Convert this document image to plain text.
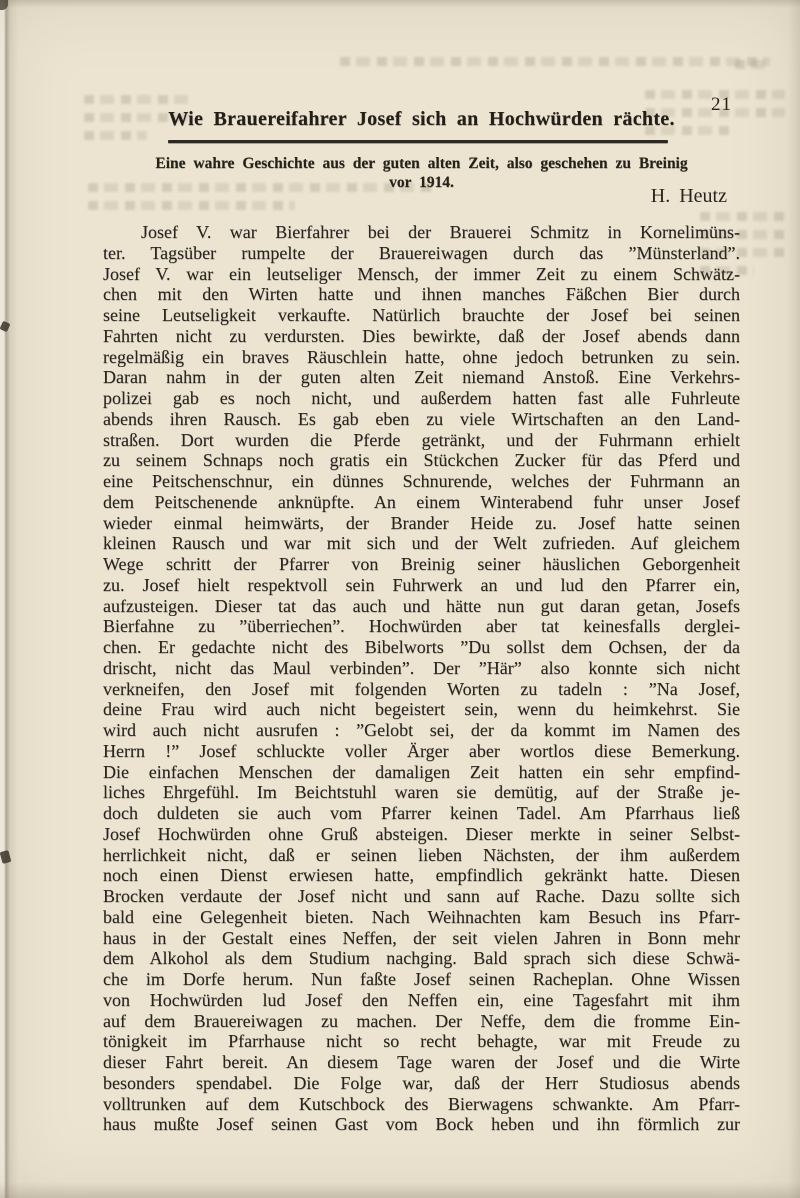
21
Wie Brauereifahrer Josef sich an Hochwürden rächte.
Eine wahre Geschichte aus der guten alten Zeit, also geschehen zu Breinig
vor 1914.
H. Heutz
Josef V. war Bierfahrer bei der Brauerei Schmitz in Kornelimüns-
ter. Tagsüber rumpelte der Brauereiwagen durch das ”Münsterland”.
Josef V. war ein leutseliger Mensch, der immer Zeit zu einem Schwätz-
chen mit den Wirten hatte und ihnen manches Fäßchen Bier durch
seine Leutseligkeit verkaufte. Natürlich brauchte der Josef bei seinen
Fahrten nicht zu verdursten. Dies bewirkte, daß der Josef abends dann
regelmäßig ein braves Räuschlein hatte, ohne jedoch betrunken zu sein.
Daran nahm in der guten alten Zeit niemand Anstoß. Eine Verkehrs-
polizei gab es noch nicht, und außerdem hatten fast alle Fuhrleute
abends ihren Rausch. Es gab eben zu viele Wirtschaften an den Land-
straßen. Dort wurden die Pferde getränkt, und der Fuhrmann erhielt
zu seinem Schnaps noch gratis ein Stückchen Zucker für das Pferd und
eine Peitschenschnur, ein dünnes Schnurende, welches der Fuhrmann an
dem Peitschenende anknüpfte. An einem Winterabend fuhr unser Josef
wieder einmal heimwärts, der Brander Heide zu. Josef hatte seinen
kleinen Rausch und war mit sich und der Welt zufrieden. Auf gleichem
Wege schritt der Pfarrer von Breinig seiner häuslichen Geborgenheit
zu. Josef hielt respektvoll sein Fuhrwerk an und lud den Pfarrer ein,
aufzusteigen. Dieser tat das auch und hätte nun gut daran getan, Josefs
Bierfahne zu ”überriechen”. Hochwürden aber tat keinesfalls derglei-
chen. Er gedachte nicht des Bibelworts ”Du sollst dem Ochsen, der da
drischt, nicht das Maul verbinden”. Der ”Här” also konnte sich nicht
verkneifen, den Josef mit folgenden Worten zu tadeln : ”Na Josef,
deine Frau wird auch nicht begeistert sein, wenn du heimkehrst. Sie
wird auch nicht ausrufen : ”Gelobt sei, der da kommt im Namen des
Herrn !” Josef schluckte voller Ärger aber wortlos diese Bemerkung.
Die einfachen Menschen der damaligen Zeit hatten ein sehr empfind-
liches Ehrgefühl. Im Beichtstuhl waren sie demütig, auf der Straße je-
doch duldeten sie auch vom Pfarrer keinen Tadel. Am Pfarrhaus ließ
Josef Hochwürden ohne Gruß absteigen. Dieser merkte in seiner Selbst-
herrlichkeit nicht, daß er seinen lieben Nächsten, der ihm außerdem
noch einen Dienst erwiesen hatte, empfindlich gekränkt hatte. Diesen
Brocken verdaute der Josef nicht und sann auf Rache. Dazu sollte sich
bald eine Gelegenheit bieten. Nach Weihnachten kam Besuch ins Pfarr-
haus in der Gestalt eines Neffen, der seit vielen Jahren in Bonn mehr
dem Alkohol als dem Studium nachging. Bald sprach sich diese Schwä-
che im Dorfe herum. Nun faßte Josef seinen Racheplan. Ohne Wissen
von Hochwürden lud Josef den Neffen ein, eine Tagesfahrt mit ihm
auf dem Brauereiwagen zu machen. Der Neffe, dem die fromme Ein-
tönigkeit im Pfarrhause nicht so recht behagte, war mit Freude zu
dieser Fahrt bereit. An diesem Tage waren der Josef und die Wirte
besonders spendabel. Die Folge war, daß der Herr Studiosus abends
volltrunken auf dem Kutschbock des Bierwagens schwankte. Am Pfarr-
haus mußte Josef seinen Gast vom Bock heben und ihn förmlich zur
